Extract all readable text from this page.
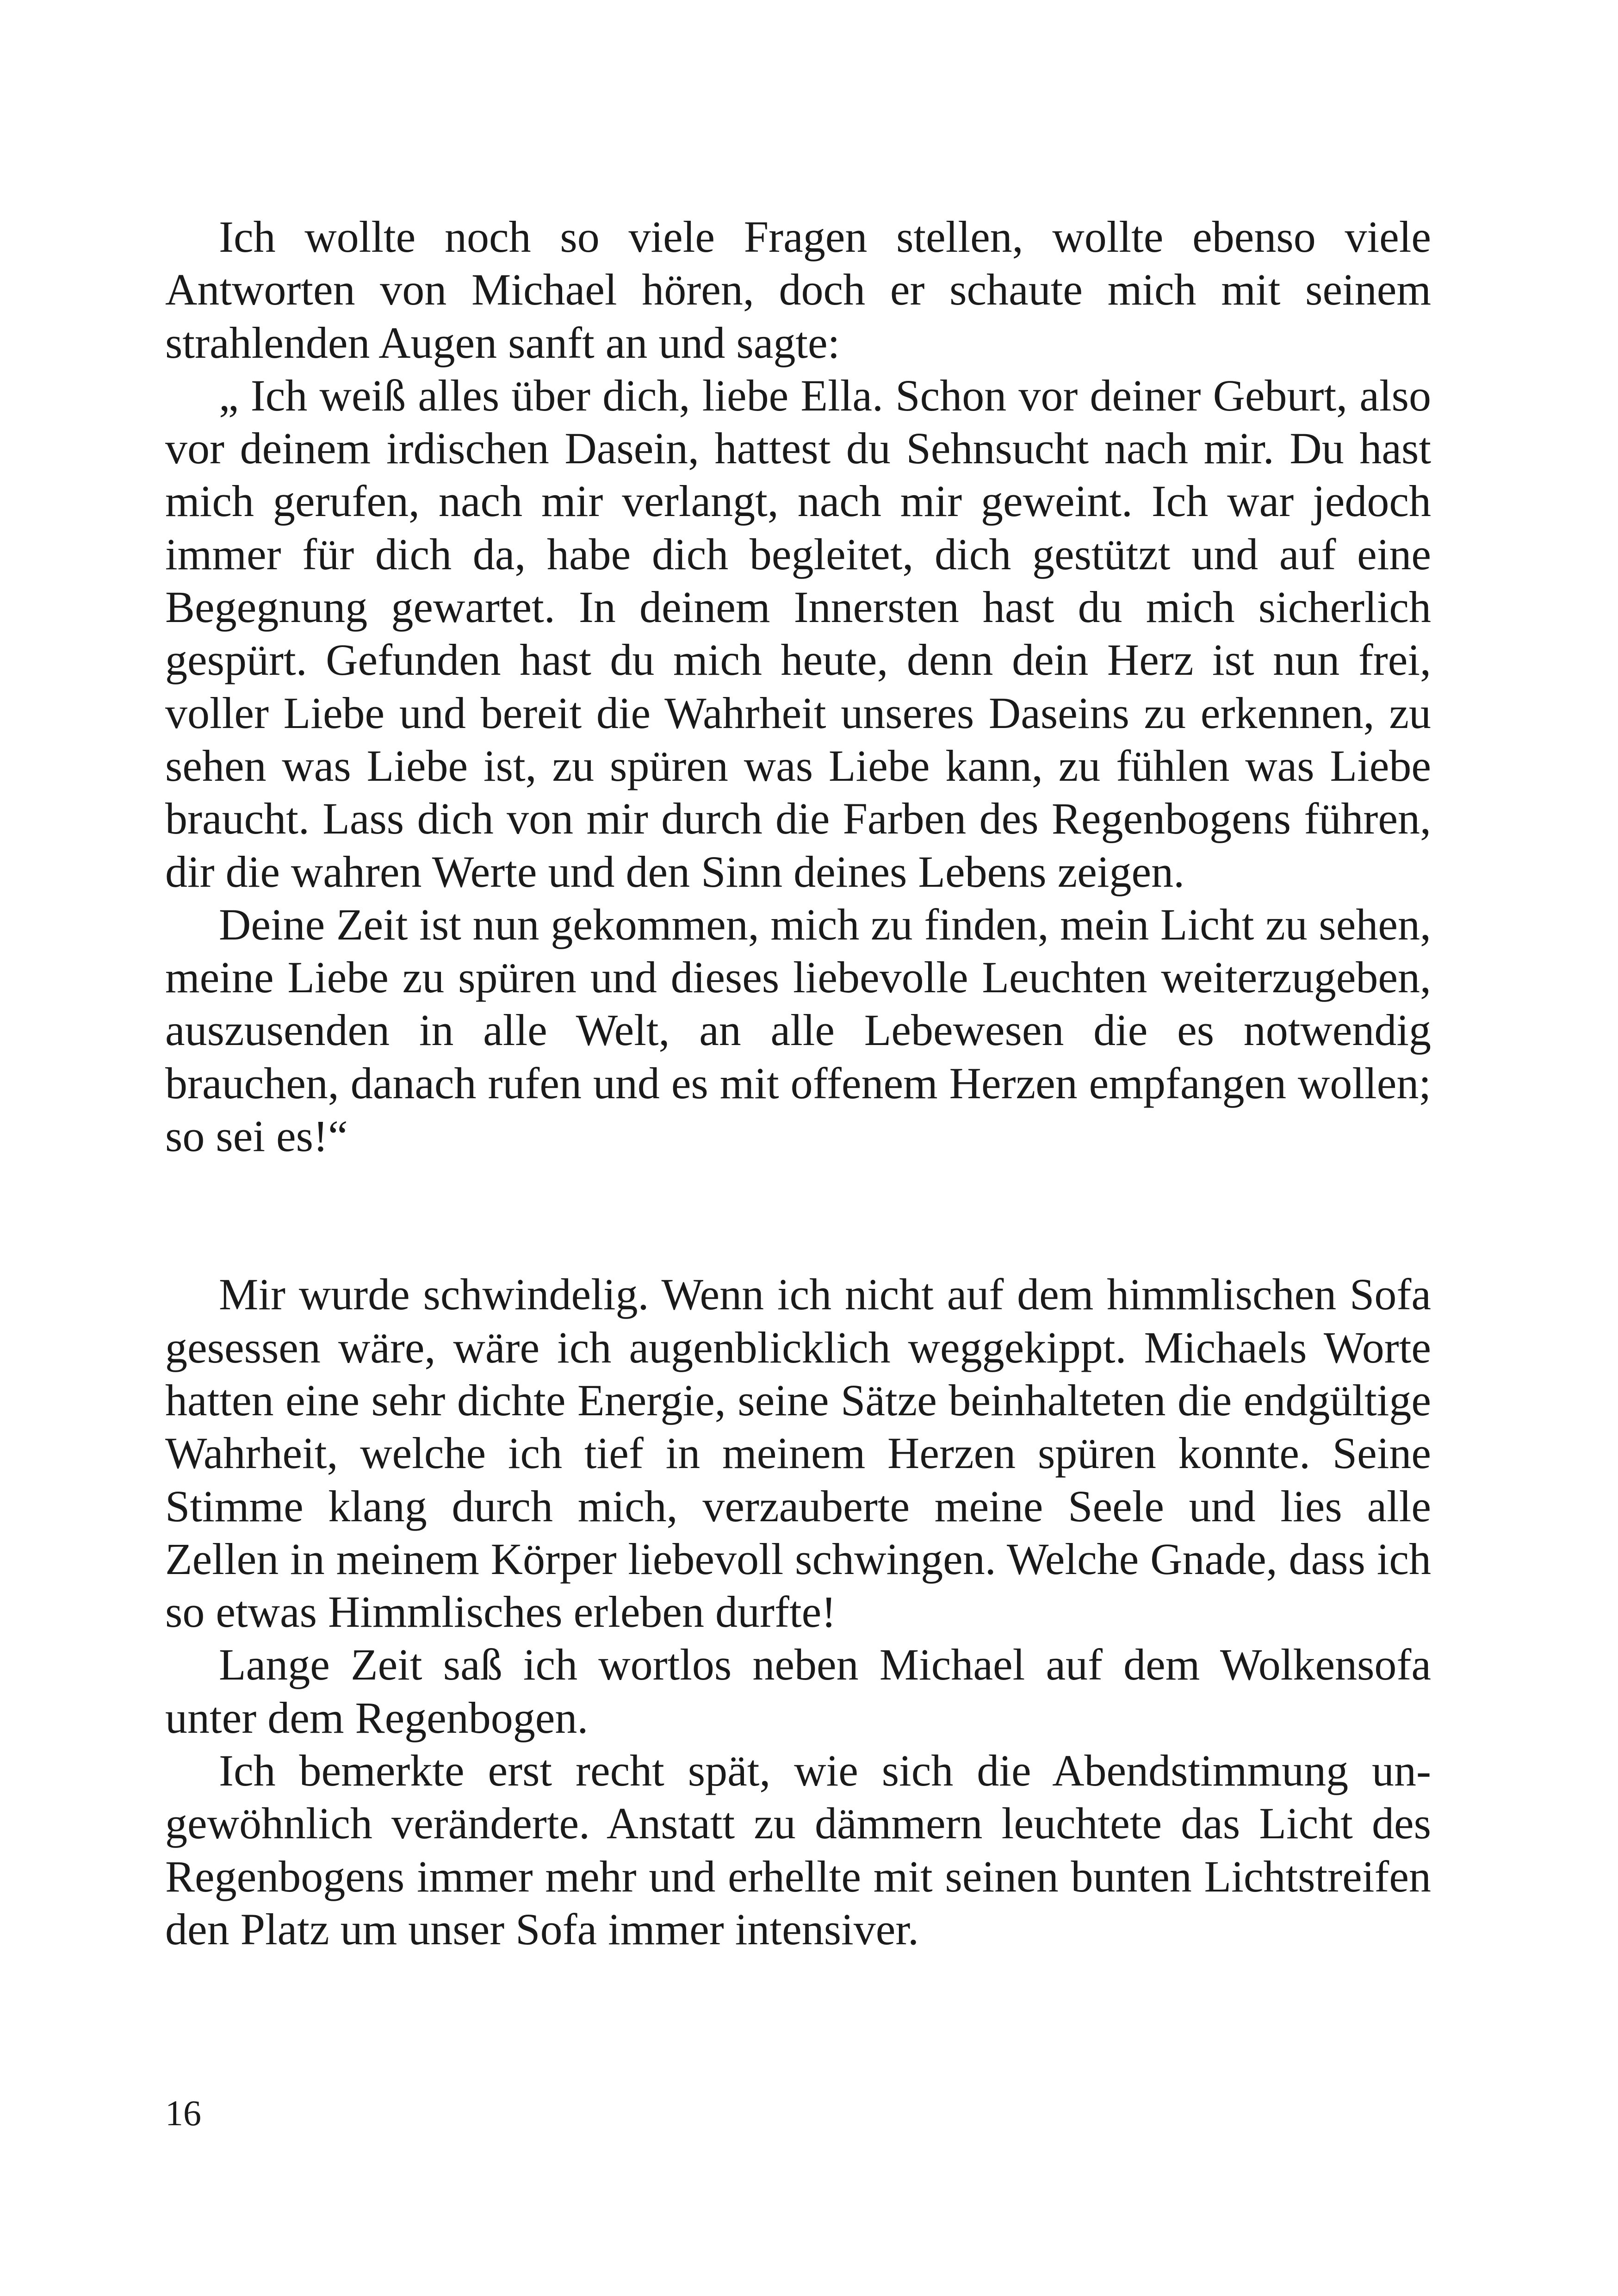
Ich wollte noch so viele Fragen stellen, wollte ebenso viele Antworten von Michael hören, doch er schaute mich mit seinem strahlenden Augen sanft an und sagte:

„ Ich weiß alles über dich, liebe Ella. Schon vor deiner Geburt, also vor deinem irdischen Dasein, hattest du Sehnsucht nach mir. Du hast mich gerufen, nach mir verlangt, nach mir geweint. Ich war jedoch immer für dich da, habe dich begleitet, dich gestützt und auf eine Begegnung gewartet. In deinem Innersten hast du mich sicherlich gespürt. Gefunden hast du mich heute, denn dein Herz ist nun frei, voller Liebe und bereit die Wahrheit unseres Daseins zu erkennen, zu sehen was Liebe ist, zu spüren was Liebe kann, zu fühlen was Liebe braucht. Lass dich von mir durch die Farben des Regenbogens führen, dir die wahren Werte und den Sinn deines Lebens zeigen.

Deine Zeit ist nun gekommen, mich zu finden, mein Licht zu sehen, meine Liebe zu spüren und dieses liebevolle Leuchten weiterzugeben, auszusenden in alle Welt, an alle Lebewesen die es notwendig brauchen, danach rufen und es mit offenem Herzen empfangen wollen; so sei es!“

Mir wurde schwindelig. Wenn ich nicht auf dem himmlischen Sofa gesessen wäre, wäre ich augenblicklich weggekippt. Michaels Worte hatten eine sehr dichte Energie, seine Sätze beinhalteten die endgültige Wahrheit, welche ich tief in meinem Herzen spüren konnte. Seine Stimme klang durch mich, verzauberte meine Seele und lies alle Zellen in meinem Körper liebevoll schwingen. Welche Gnade, dass ich so etwas Himmlisches erleben durfte!

Lange Zeit saß ich wortlos neben Michael auf dem Wolkensofa unter dem Regenbogen.

Ich bemerkte erst recht spät, wie sich die Abendstimmung ungewöhnlich veränderte. Anstatt zu dämmern leuchtete das Licht des Regenbogens immer mehr und erhellte mit seinen bunten Lichtstreifen den Platz um unser Sofa immer intensiver.

16
